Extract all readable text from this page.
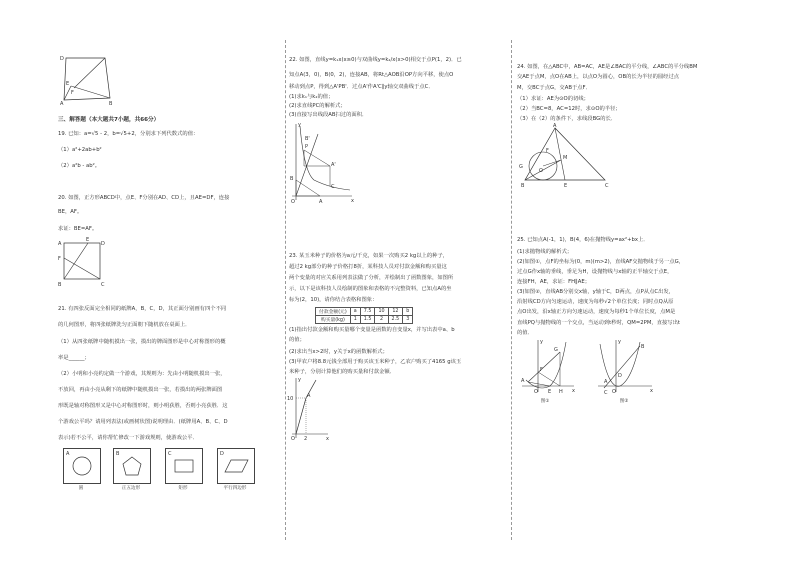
D
E
F
A	B
三、解答题（本大题共7小题，共66分）
19. 已知：a=√5 - 2，b=√5+2，分别求下列代数式的值：
（1）a²+2ab+b²
（2）a²b - ab²。
20. 如图，正方形ABCD中，点E、F分别在AD、CD上，且AE=DF，连接
BE，AF。
求证：BE=AF。
A
E
D
F
B	C
21. 有四张反面完全相同的纸牌A，B，C，D，其正面分别画有四个不同
的几何图形，将四张纸牌洗匀正面朝下随机放在桌面上．
（1）从四张纸牌中随机摸出一张，摸出的牌面图形是中心对称图形的概
率是______；
（2）小明和小亮约定做一个游戏，其规则为：先由小明随机摸出一张，
不放回，再由小亮从剩下的纸牌中随机摸出一张，若摸出的两张牌面图
形既是轴对称图形又是中心对称图形时，则小明获胜，否则小亮获胜．这
个游戏公平吗？请用列表法(或画树状图)说明理由．(纸牌用A、B、C、D
表示)若不公平，请你帮忙修改一下游戏规则，使游戏公平．
A
圆
B
正五边形
C
矩形
D
平行四边形
22. 如图，直线y=k₁x(x≥0)与双曲线y=k₂/x(x>0)相交于点P(1，2)．已
知点A(3，0)，B(0，2)，连接AB，将Rt△AOB沿OP方向平移，使点O
移动到点P，得到△A'PB'．过点A'作A'C∥y轴交双曲线于点C．
(1)求k₁与k₂的值；
(2)求直线PC的解析式；
(3)直接写出线段AB扫过的面积．
y
x
O	A
B
P
C
A'
B'
23. 某玉米种子的价格为a元/千克，如果一次购买2 kg以上的种子，
超过2 kg部分的种子价格打8折，某科技人员对付款金额和购买量这
两个变量的对应关系用列表法做了分析，并绘制出了函数图象，如图所
示，以下是该科技人员绘制的图象和表格的不完整资料，已知点A的坐
标为(2，10)，请你结合表格和图象：
付款金额(元)	a	7.5	10	12	b
购买量(kg)	1	1.5	2	2.5	3
(1)指出付款金额和购买量哪个变量是函数的自变量x，并写出表中a、b
的值；
(2)求出当x>2时，y关于x的函数解析式；
(3)甲农户将8.8元钱全部用于购买该玉米种子，乙农户购买了4165 g该玉
米种子，分别计算他们的购买量和付款金额．
y
x
O
A
10
2
24. 如图，在△ABC中，AB=AC，AE是∠BAC的平分线，∠ABC的平分线BM
交AE于点M，点O在AB上，以点O为圆心，OB的长为半径的圆经过点
M，交BC于点G，交AB于点F．
（1）求证：AE为⊙O的切线；
（2）当BC=8，AC=12时，求⊙O的半径；
（3）在（2）的条件下，求线段BG的长．
A
B	C
E
M
G
F
O
25. 已知点A(-1，1)，B(4，6)在抛物线y=ax²+bx上．
(1)求抛物线的解析式；
(2)如图①，点F的坐标为(0，m)(m>2)，直线AF交抛物线于另一点G，
过点G作x轴的垂线，垂足为H，设抛物线与x轴的正半轴交于点E，
连接FH，AE，求证：FH∥AE；
(3)如图②，直线AB分别交x轴，y轴于C，D两点，点P从点C出发，
沿射线CD方向匀速运动，速度为每秒√2个单位长度；同时点Q从原
点O出发，沿x轴正方向匀速运动，速度为每秒1个单位长度，点M是
直线PQ与抛物线的一个交点，当运动到t秒时，QM=2PM，直接写出t
的值．
y
x
O
A
E H
F
G
图①
y
x
O
A
B
C
D
图②
